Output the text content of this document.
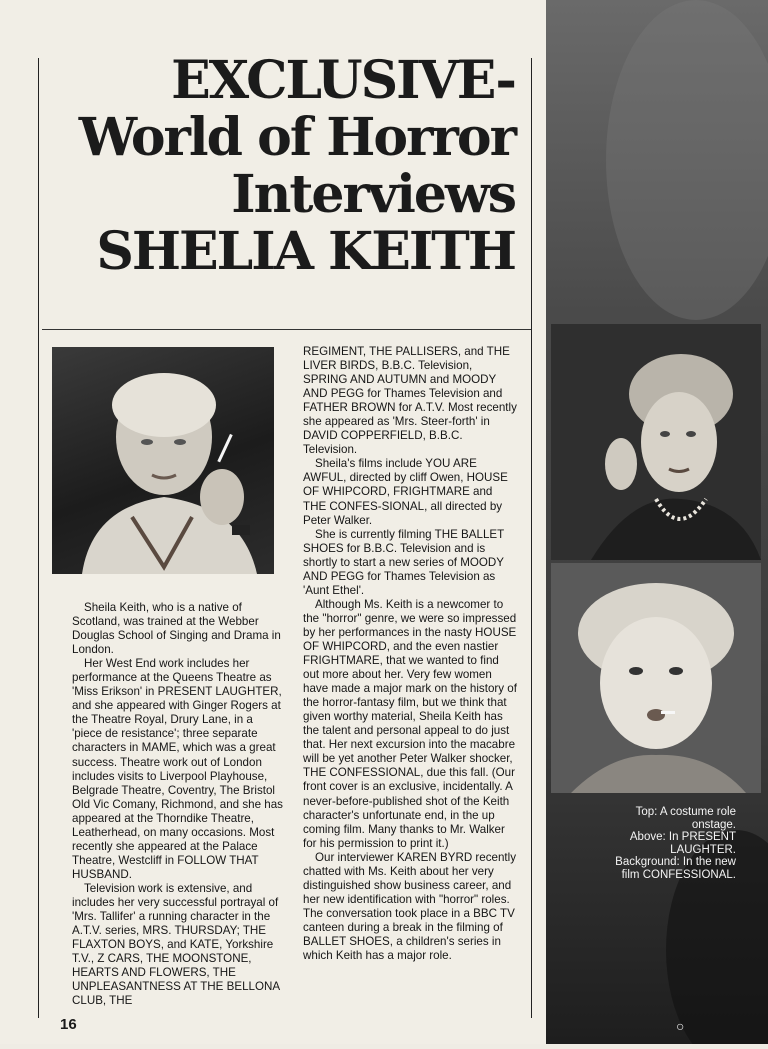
EXCLUSIVE-
World of Horror
Interviews
SHELIA KEITH

Sheila Keith, who is a native of Scotland, was trained at the Webber Douglas School of Singing and Drama in London.

Her West End work includes her performance at the Queens Theatre as 'Miss Erikson' in PRESENT LAUGHTER, and she appeared with Ginger Rogers at the Theatre Royal, Drury Lane, in a 'piece de resistance'; three separate characters in MAME, which was a great success. Theatre work out of London includes visits to Liverpool Playhouse, Belgrade Theatre, Coventry, The Bristol Old Vic Comany, Richmond, and she has appeared at the Thorndike Theatre, Leatherhead, on many occasions. Most recently she appeared at the Palace Theatre, Westcliff in FOLLOW THAT HUSBAND.

Television work is extensive, and includes her very successful portrayal of 'Mrs. Tallifer' a running character in the A.T.V. series, MRS. THURSDAY; THE FLAXTON BOYS, and KATE, Yorkshire T.V., Z CARS, THE MOONSTONE, HEARTS AND FLOWERS, THE UNPLEASANTNESS AT THE BELLONA CLUB, THE

REGIMENT, THE PALLISERS, and THE LIVER BIRDS, B.B.C. Television, SPRING AND AUTUMN and MOODY AND PEGG for Thames Television and FATHER BROWN for A.T.V. Most recently she appeared as 'Mrs. Steer-forth' in DAVID COPPERFIELD, B.B.C. Television.

Sheila's films include YOU ARE AWFUL, directed by cliff Owen, HOUSE OF WHIPCORD, FRIGHTMARE and THE CONFES-SIONAL, all directed by Peter Walker.

She is currently filming THE BALLET SHOES for B.B.C. Television and is shortly to start a new series of MOODY AND PEGG for Thames Television as 'Aunt Ethel'.

Although Ms. Keith is a newcomer to the "horror" genre, we were so impressed by her performances in the nasty HOUSE OF WHIPCORD, and the even nastier FRIGHTMARE, that we wanted to find out more about her. Very few women have made a major mark on the history of the horror-fantasy film, but we think that given worthy material, Sheila Keith has the talent and personal appeal to do just that. Her next excursion into the macabre will be yet another Peter Walker shocker, THE CONFESSIONAL, due this fall. (Our front cover is an exclusive, incidentally. A never-before-published shot of the Keith character's unfortunate end, in the up coming film. Many thanks to Mr. Walker for his permission to print it.)

Our interviewer KAREN BYRD recently chatted with Ms. Keith about her very distinguished show business career, and her new identification with "horror" roles. The conversation took place in a BBC TV canteen during a break in the filming of BALLET SHOES, a children's series in which Keith has a major role.

16
Top: A costume role
onstage.
Above: In PRESENT
LAUGHTER.
Background: In the new
film CONFESSIONAL.
○
